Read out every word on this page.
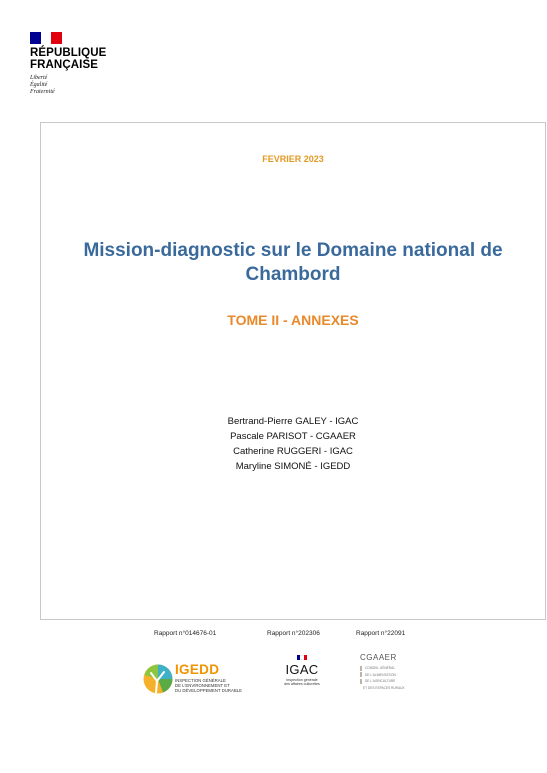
RÉPUBLIQUE
FRANÇAISE
Liberté
Égalité
Fraternité
FEVRIER 2023
Mission-diagnostic sur le Domaine national de
Chambord
TOME II - ANNEXES
Bertrand-Pierre GALEY - IGAC
Pascale PARISOT - CGAAER
Catherine RUGGERI - IGAC
Maryline SIMONÉ - IGEDD
Rapport n°014676-01	Rapport n°202306	Rapport n°22091
IGEDD
INSPECTION GÉNÉRALE
DE L'ENVIRONNEMENT ET
DU DÉVELOPPEMENT DURABLE
IGAC
Inspection générale
des affaires culturelles
CGAAER
CONSEIL GÉNÉRAL
DE L'ALIMENTATION
DE L'AGRICULTURE
ET DES ESPACES RURAUX
